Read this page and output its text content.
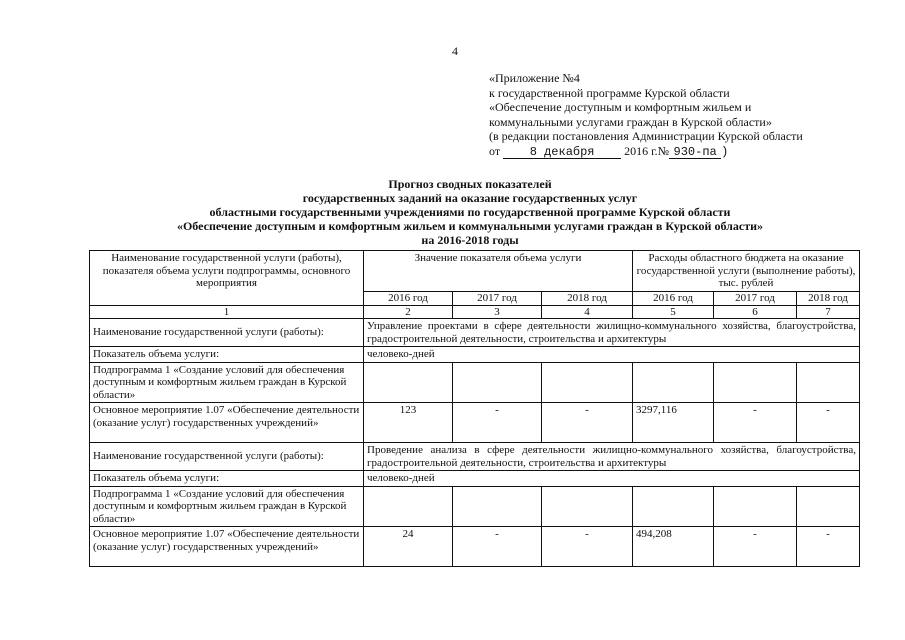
4
«Приложение №4
к государственной программе Курской области
«Обеспечение доступным и комфортным жильем и
коммунальными услугами граждан в Курской области»
(в редакции постановления Администрации Курской области
от 8 декабря 2016 г.№ 930-па )
Прогноз сводных показателей
государственных заданий на оказание государственных услуг
областными государственными учреждениями по государственной программе Курской области
«Обеспечение доступным и комфортным жильем и коммунальными услугами граждан в Курской области»
на 2016-2018 годы
Наименование государственной услуги (работы), показателя объема услуги подпрограммы, основного мероприятия	Значение показателя объема услуги			Расходы областного бюджета на оказание государственной услуги (выполнение работы), тыс. рублей		
	2016 год	2017 год	2018 год	2016 год	2017 год	2018 год
1	2	3	4	5	6	7
Наименование государственной услуги (работы):	Управление проектами в сфере деятельности жилищно-коммунального хозяйства, благоустройства, градостроительной деятельности, строительства и архитектуры					
Показатель объема услуги:	человеко-дней					
Подпрограмма 1 «Создание условий для обеспечения доступным и комфортным жильем граждан в Курской области»						
Основное мероприятие 1.07 «Обеспечение деятельности (оказание услуг) государственных учреждений»	123	-	-	3297,116	-	-
Наименование государственной услуги (работы):	Проведение анализа в сфере деятельности жилищно-коммунального хозяйства, благоустройства, градостроительной деятельности, строительства и архитектуры					
Показатель объема услуги:	человеко-дней					
Подпрограмма 1 «Создание условий для обеспечения доступным и комфортным жильем граждан в Курской области»						
Основное мероприятие 1.07 «Обеспечение деятельности (оказание услуг) государственных учреждений»	24	-	-	494,208	-	-
